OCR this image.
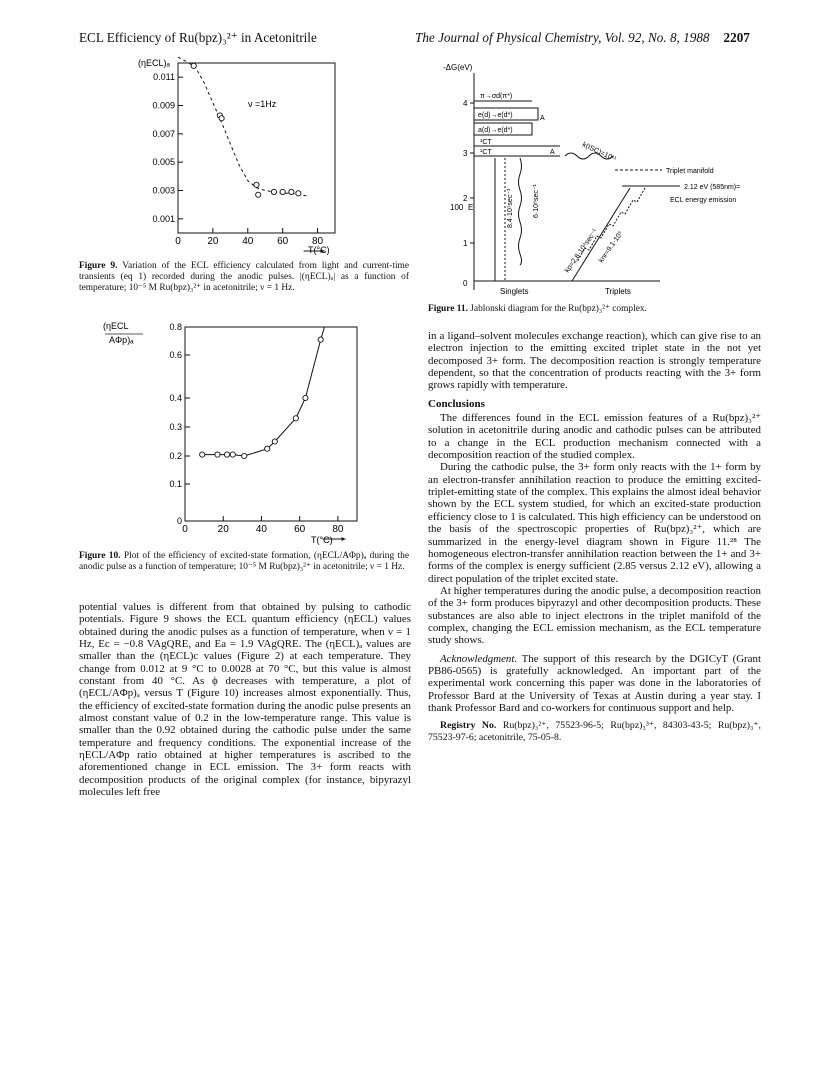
ECL Efficiency of Ru(bpz)₃²⁺ in Acetonitrile	The Journal of Physical Chemistry, Vol. 92, No. 8, 1988 2207
(ηECL)ₐ
ν =1Hz
0	20 40 60 80
0.001
0.003
0.005
0.007
0.009
0.011
T(°C)
Figure 9. Variation of the ECL efficiency calculated from light and current-time transients (eq 1) recorded during the anodic pulses. |(ηECL)ₐ| as a function of temperature; 10⁻⁵ M Ru(bpz)₃²⁺ in acetonitrile; ν = 1 Hz.
(ηECL
AΦp)ₐ
0	20	40	60	80
0
0.1
0.2
0.3
0.4
0.6
0.8
T(°C)
Figure 10. Plot of the efficiency of excited-state formation, (ηECL/AΦp)ₐ during the anodic pulse as a function of temperature; 10⁻⁵ M Ru(bpz)₃²⁺ in acetonitrile; ν = 1 Hz.

potential values is different from that obtained by pulsing to cathodic potentials. Figure 9 shows the ECL quantum efficiency (ηECL) values obtained during the anodic pulses as a function of temperature, when ν = 1 Hz, Ec = −0.8 VAgQRE, and Ea = 1.9 VAgQRE. The (ηECL)ₐ values are smaller than the (ηECL)c values (Figure 2) at each temperature. They change from 0.012 at 9 °C to 0.0028 at 70 °C, but this value is almost constant from 40 °C. As ϕ decreases with temperature, a plot of (ηECL/AΦp)ₐ versus T (Figure 10) increases almost exponentially. Thus, the efficiency of excited-state formation during the anodic pulse presents an almost constant value of 0.2 in the low-temperature range. This value is smaller than the 0.92 obtained during the cathodic pulse under the same temperature and frequency conditions. The exponential increase of the ηECL/AΦp ratio obtained at higher temperatures is ascribed to the aforementioned change in ECL emission. The 3+ form reacts with decomposition products of the original complex (for instance, bipyrazyl molecules left free

-ΔG(eV)
4
3
2
1
0
100 E
π→σd(π*)
e(d)→e(d*)
a(d)→e(d*)
A
³CT
¹CT	A
8.4·10⁷sec⁻¹	6·10⁸sec⁻¹
k(ISC)=10¹¹
Triplet manifold
2.12 eV (585nm)=
ECL energy emission
kp=2.8·10⁴sec⁻¹
knr=9.1·10⁵
Singlets	Triplets
Figure 11. Jablonski diagram for the Ru(bpz)₃²⁺ complex.

in a ligand–solvent molecules exchange reaction), which can give rise to an electron injection to the emitting excited triplet state in the not yet decomposed 3+ form. The decomposition reaction is strongly temperature dependent, so that the concentration of products reacting with the 3+ form grows rapidly with temperature.

Conclusions

The differences found in the ECL emission features of a Ru(bpz)₃²⁺ solution in acetonitrile during anodic and cathodic pulses can be attributed to a change in the ECL production mechanism connected with a decomposition reaction of the studied complex.

During the cathodic pulse, the 3+ form only reacts with the 1+ form by an electron-transfer annihilation reaction to produce the emitting excited-triplet-emitting state of the complex. This explains the almost ideal behavior shown by the ECL system studied, for which an excited-state production efficiency close to 1 is calculated. This high efficiency can be understood on the basis of the spectroscopic properties of Ru(bpz)₃²⁺, which are summarized in the energy-level diagram shown in Figure 11.²⁸ The homogeneous electron-transfer annihilation reaction between the 1+ and 3+ forms of the complex is energy sufficient (2.85 versus 2.12 eV), allowing a direct population of the triplet excited state.

At higher temperatures during the anodic pulse, a decomposition reaction of the 3+ form produces bipyrazyl and other decomposition products. These substances are also able to inject electrons in the triplet manifold of the complex, changing the ECL emission mechanism, as the ECL temperature study shows.

Acknowledgment. The support of this research by the DGICyT (Grant PB86-0565) is gratefully acknowledged. An important part of the experimental work concerning this paper was done in the laboratories of Professor Bard at the University of Texas at Austin during a year stay. I thank Professor Bard and co-workers for continuous support and help.

Registry No. Ru(bpz)₃²⁺, 75523-96-5; Ru(bpz)₃³⁺, 84303-43-5; Ru(bpz)₃⁺, 75523-97-6; acetonitrile, 75-05-8.
